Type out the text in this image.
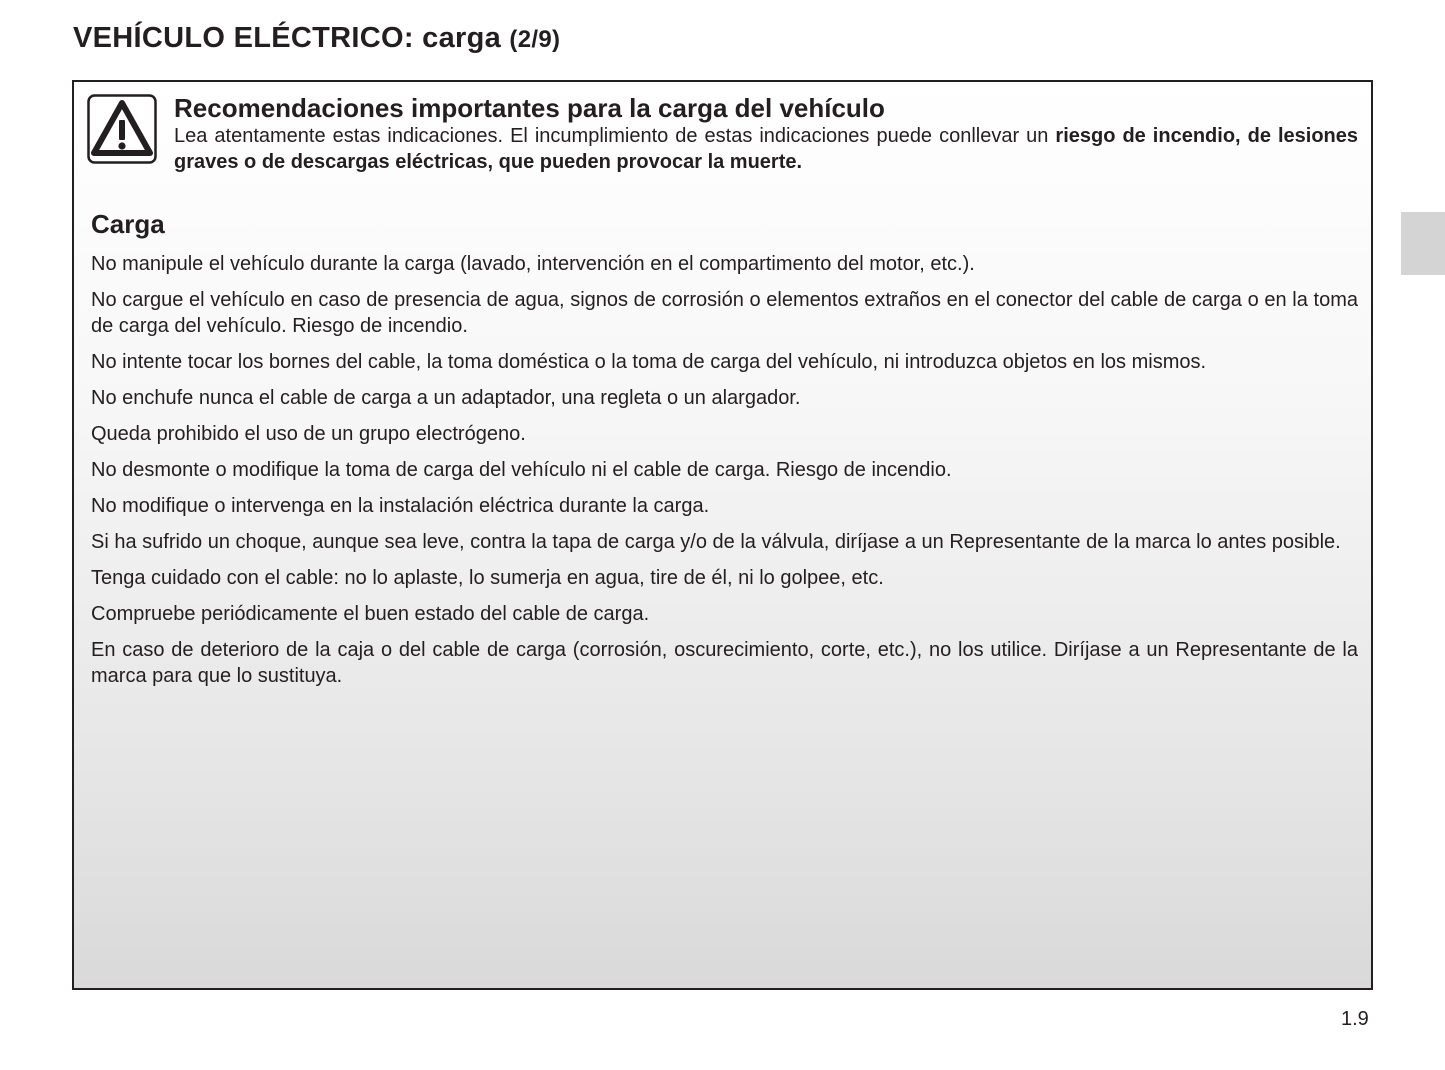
VEHÍCULO ELÉCTRICO: carga (2/9)
Recomendaciones importantes para la carga del vehículo
Lea atentamente estas indicaciones. El incumplimiento de estas indicaciones puede conllevar un riesgo de incendio, de lesiones graves o de descargas eléctricas, que pueden provocar la muerte.
Carga
No manipule el vehículo durante la carga (lavado, intervención en el compartimento del motor, etc.).
No cargue el vehículo en caso de presencia de agua, signos de corrosión o elementos extraños en el conector del cable de carga o en la toma de carga del vehículo. Riesgo de incendio.
No intente tocar los bornes del cable, la toma doméstica o la toma de carga del vehículo, ni introduzca objetos en los mismos.
No enchufe nunca el cable de carga a un adaptador, una regleta o un alargador.
Queda prohibido el uso de un grupo electrógeno.
No desmonte o modifique la toma de carga del vehículo ni el cable de carga. Riesgo de incendio.
No modifique o intervenga en la instalación eléctrica durante la carga.
Si ha sufrido un choque, aunque sea leve, contra la tapa de carga y/o de la válvula, diríjase a un Representante de la marca lo antes posible.
Tenga cuidado con el cable: no lo aplaste, lo sumerja en agua, tire de él, ni lo golpee, etc.
Compruebe periódicamente el buen estado del cable de carga.
En caso de deterioro de la caja o del cable de carga (corrosión, oscurecimiento, corte, etc.), no los utilice. Diríjase a un Representante de la marca para que lo sustituya.
1.9
